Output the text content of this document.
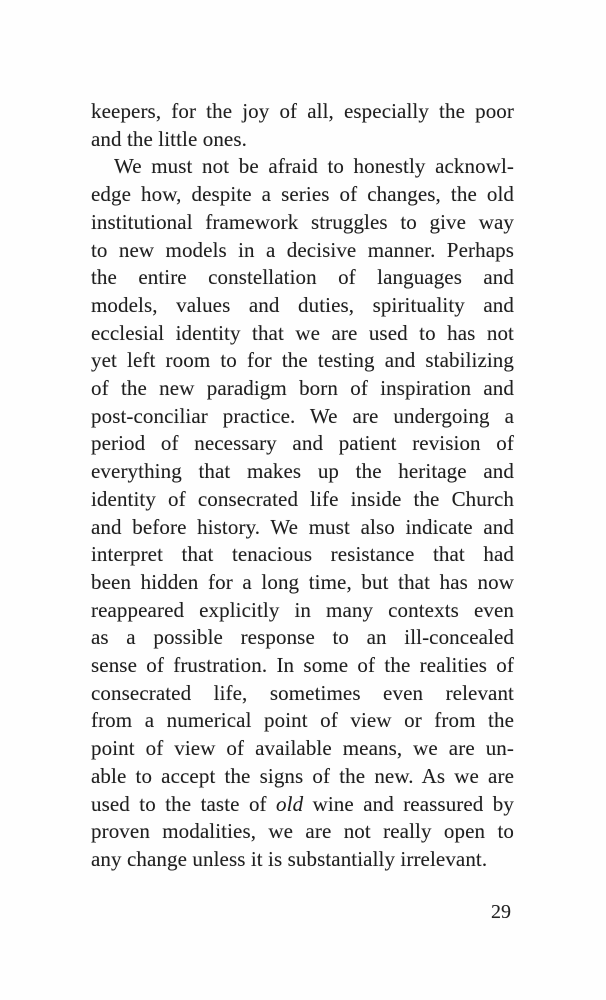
keepers, for the joy of all, especially the poor
and the little ones.
We must not be afraid to honestly acknowl-
edge how, despite a series of changes, the old
institutional framework struggles to give way
to new models in a decisive manner. Perhaps
the entire constellation of languages and
models, values and duties, spirituality and
ecclesial identity that we are used to has not
yet left room to for the testing and stabilizing
of the new paradigm born of inspiration and
post-conciliar practice. We are undergoing a
period of necessary and patient revision of
everything that makes up the heritage and
identity of consecrated life inside the Church
and before history. We must also indicate and
interpret that tenacious resistance that had
been hidden for a long time, but that has now
reappeared explicitly in many contexts even
as a possible response to an ill-concealed
sense of frustration. In some of the realities of
consecrated life, sometimes even relevant
from a numerical point of view or from the
point of view of available means, we are un-
able to accept the signs of the new. As we are
used to the taste of old wine and reassured by
proven modalities, we are not really open to
any change unless it is substantially irrelevant.
29
